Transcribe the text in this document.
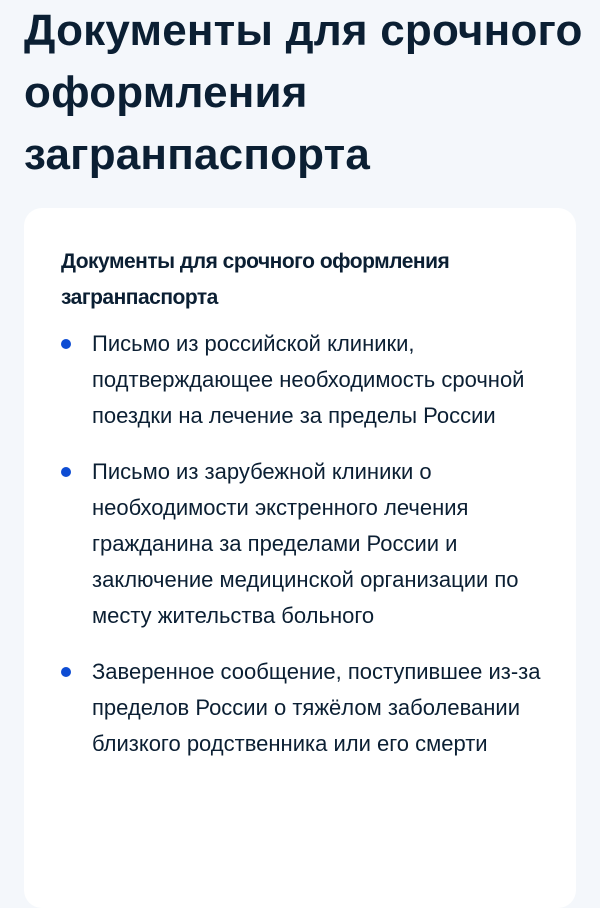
Документы для срочного оформления загранпаспорта
Документы для срочного оформления загранпаспорта
Письмо из российской клиники, подтверждающее необходимость срочной поездки на лечение за пределы России
Письмо из зарубежной клиники о необходимости экстренного лечения гражданина за пределами России и заключение медицинской организации по месту жительства больного
Заверенное сообщение, поступившее из-за пределов России о тяжёлом заболевании близкого родственника или его смерти
